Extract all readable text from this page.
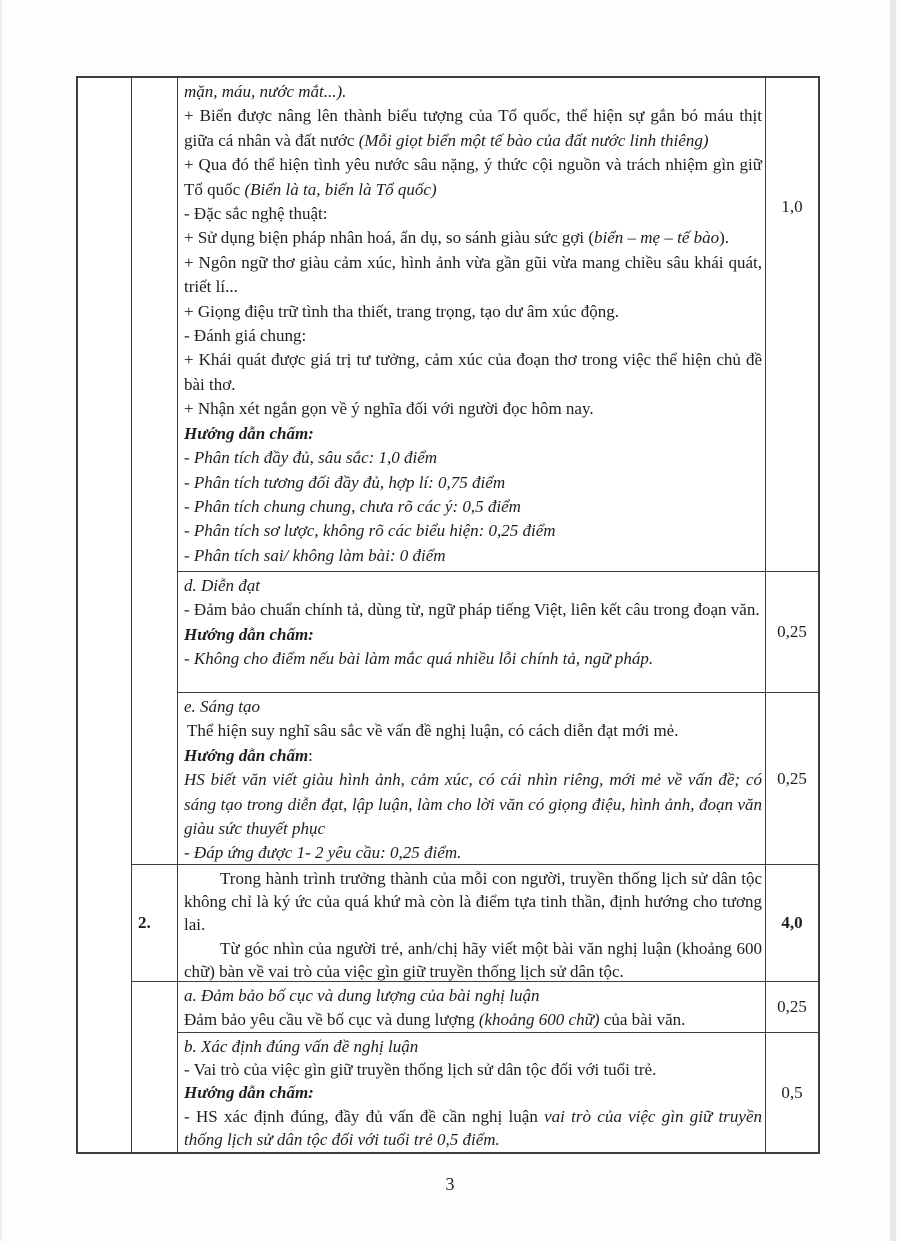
2.
mặn, máu, nước mắt...).
+ Biển được nâng lên thành biểu tượng của Tổ quốc, thể hiện sự gắn bó máu thịt giữa cá nhân và đất nước (Mỗi giọt biển một tế bào của đất nước linh thiêng)
+ Qua đó thể hiện tình yêu nước sâu nặng, ý thức cội nguồn và trách nhiệm gìn giữ Tổ quốc (Biển là ta, biển là Tổ quốc)
- Đặc sắc nghệ thuật:
+ Sử dụng biện pháp nhân hoá, ẩn dụ, so sánh giàu sức gợi (biển – mẹ – tế bào).
+ Ngôn ngữ thơ giàu cảm xúc, hình ảnh vừa gần gũi vừa mang chiều sâu khái quát, triết lí...
+ Giọng điệu trữ tình tha thiết, trang trọng, tạo dư âm xúc động.
- Đánh giá chung:
+ Khái quát được giá trị tư tưởng, cảm xúc của đoạn thơ trong việc thể hiện chủ đề bài thơ.
+ Nhận xét ngắn gọn về ý nghĩa đối với người đọc hôm nay.
Hướng dẫn chấm:
- Phân tích đầy đủ, sâu sắc: 1,0 điểm
- Phân tích tương đối đầy đủ, hợp lí: 0,75 điểm
- Phân tích chung chung, chưa rõ các ý: 0,5 điểm
- Phân tích sơ lược, không rõ các biểu hiện: 0,25 điểm
- Phân tích sai/ không làm bài: 0 điểm
1,0
d. Diễn đạt
- Đảm bảo chuẩn chính tả, dùng từ, ngữ pháp tiếng Việt, liên kết câu trong đoạn văn.
Hướng dẫn chấm:
- Không cho điểm nếu bài làm mắc quá nhiều lỗi chính tả, ngữ pháp.
0,25
e. Sáng tạo
Thể hiện suy nghĩ sâu sắc về vấn đề nghị luận, có cách diễn đạt mới mẻ.
Hướng dẫn chấm:
HS biết văn viết giàu hình ảnh, cảm xúc, có cái nhìn riêng, mới mẻ về vấn đề; có sáng tạo trong diễn đạt, lập luận, làm cho lời văn có giọng điệu, hình ảnh, đoạn văn giàu sức thuyết phục
- Đáp ứng được 1- 2 yêu cầu: 0,25 điểm.
0,25
Trong hành trình trưởng thành của mỗi con người, truyền thống lịch sử dân tộc không chỉ là ký ức của quá khứ mà còn là điểm tựa tinh thần, định hướng cho tương lai.
Từ góc nhìn của người trẻ, anh/chị hãy viết một bài văn nghị luận (khoảng 600 chữ) bàn về vai trò của việc gìn giữ truyền thống lịch sử dân tộc.
4,0
a. Đảm bảo bố cục và dung lượng của bài nghị luận
Đảm bảo yêu cầu về bố cục và dung lượng (khoảng 600 chữ) của bài văn.
0,25
b. Xác định đúng vấn đề nghị luận
- Vai trò của việc gìn giữ truyền thống lịch sử dân tộc đối với tuổi trẻ.
Hướng dẫn chấm:
- HS xác định đúng, đầy đủ vấn đề cần nghị luận vai trò của việc gìn giữ truyền thống lịch sử dân tộc đối với tuổi trẻ 0,5 điểm.
0,5
3
